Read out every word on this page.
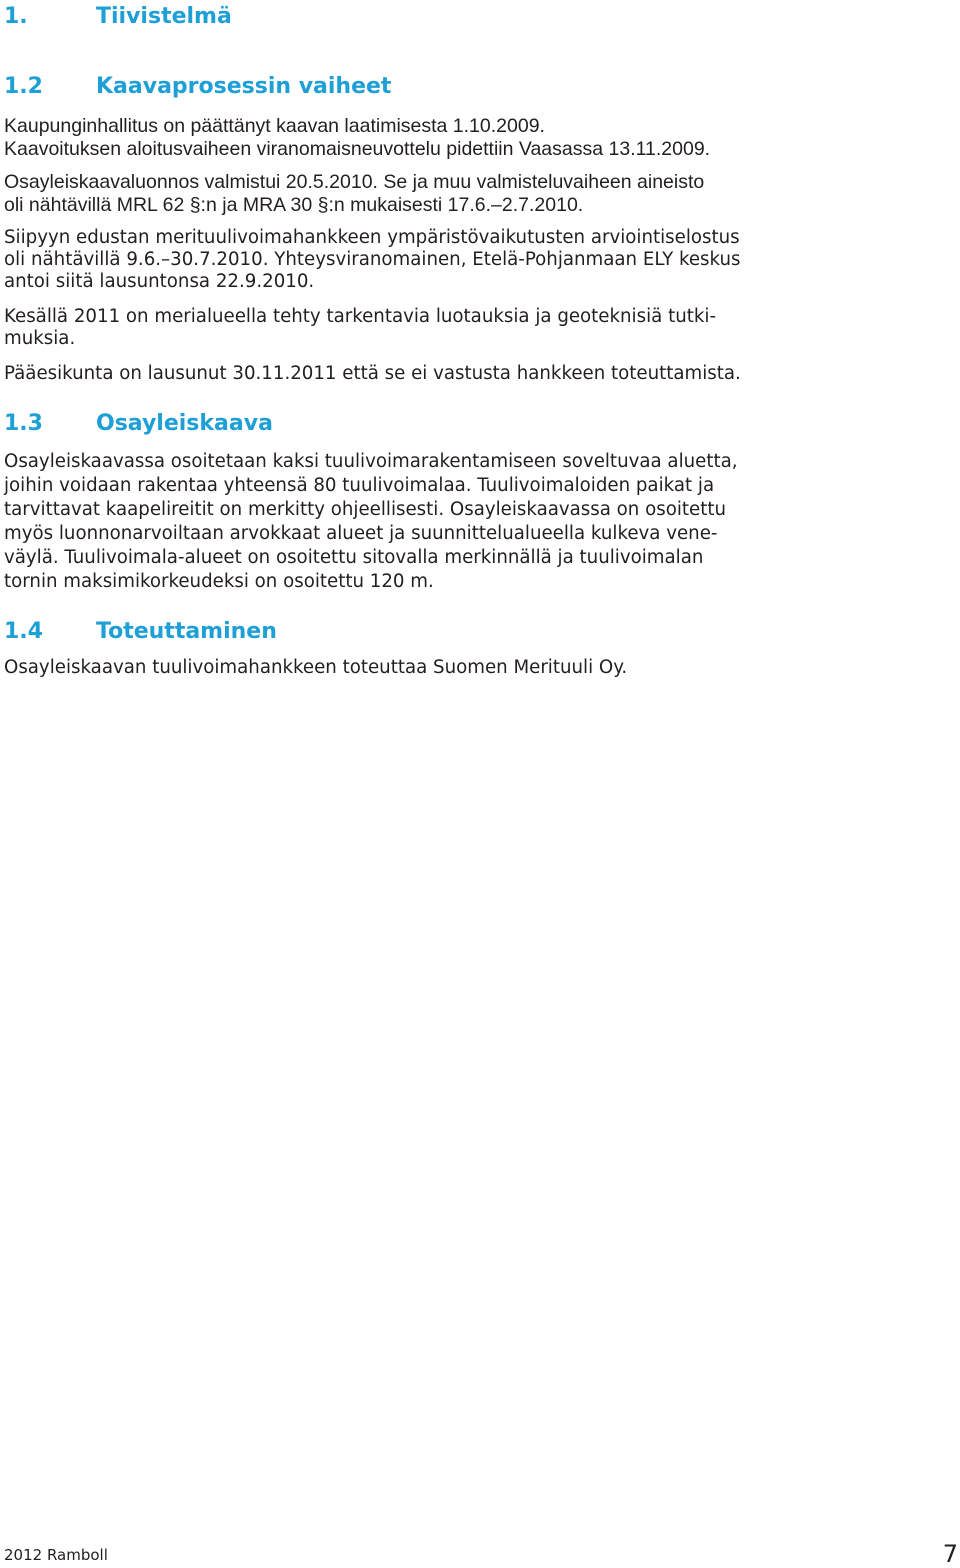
1.	Tiivistelmä
1.2 Kaavaprosessin vaiheet
Kaupunginhallitus on päättänyt kaavan laatimisesta 1.10.2009.
Kaavoituksen aloitusvaiheen viranomaisneuvottelu pidettiin Vaasassa 13.11.2009.
Osayleiskaavaluonnos valmistui 20.5.2010. Se ja muu valmisteluvaiheen aineisto
oli nähtävillä MRL 62 §:n ja MRA 30 §:n mukaisesti 17.6.–2.7.2010.
Siipyyn edustan merituulivoimahankkeen ympäristövaikutusten arviointiselostus
oli nähtävillä 9.6.–30.7.2010. Yhteysviranomainen, Etelä-Pohjanmaan ELY keskus
antoi siitä lausuntonsa 22.9.2010.
Kesällä 2011 on merialueella tehty tarkentavia luotauksia ja geoteknisiä tutki-
muksia.
Pääesikunta on lausunut 30.11.2011 että se ei vastusta hankkeen toteuttamista.
1.3 Osayleiskaava
Osayleiskaavassa osoitetaan kaksi tuulivoimarakentamiseen soveltuvaa aluetta,
joihin voidaan rakentaa yhteensä 80 tuulivoimalaa. Tuulivoimaloiden paikat ja
tarvittavat kaapelireitit on merkitty ohjeellisesti. Osayleiskaavassa on osoitettu
myös luonnonarvoiltaan arvokkaat alueet ja suunnittelualueella kulkeva vene-
väylä. Tuulivoimala-alueet on osoitettu sitovalla merkinnällä ja tuulivoimalan
tornin maksimikorkeudeksi on osoitettu 120 m.
1.4 Toteuttaminen
Osayleiskaavan tuulivoimahankkeen toteuttaa Suomen Merituuli Oy.
2012 Ramboll	7
